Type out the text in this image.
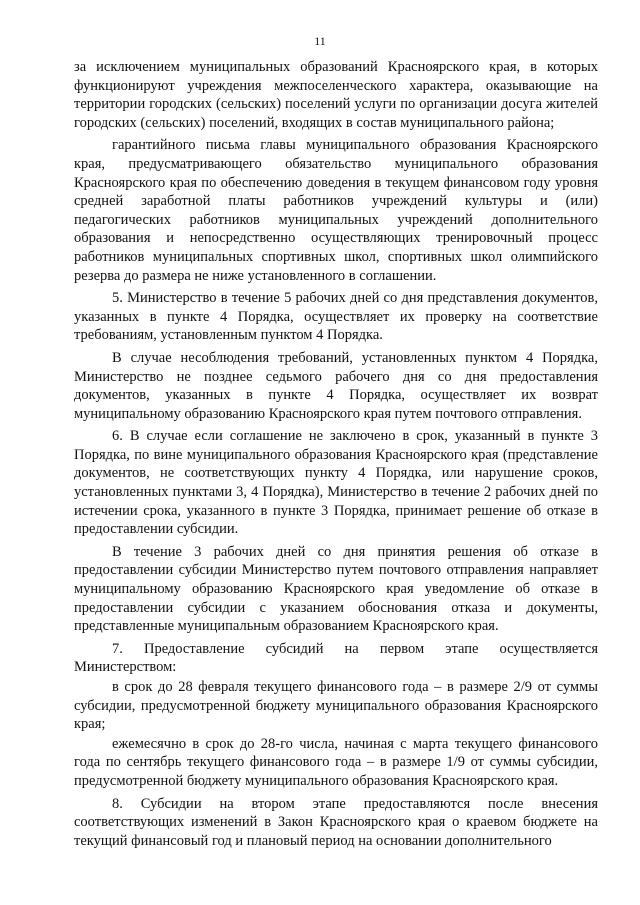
11

за исключением муниципальных образований Красноярского края, в которых функционируют учреждения межпоселенческого характера, оказывающие на территории городских (сельских) поселений услуги по организации досуга жителей городских (сельских) поселений, входящих в состав муниципального района;

гарантийного письма главы муниципального образования Красноярского края, предусматривающего обязательство муниципального образования Красноярского края по обеспечению доведения в текущем финансовом году уровня средней заработной платы работников учреждений культуры и (или) педагогических работников муниципальных учреждений дополнительного образования и непосредственно осуществляющих тренировочный процесс работников муниципальных спортивных школ, спортивных школ олимпийского резерва до размера не ниже установленного в соглашении.

5. Министерство в течение 5 рабочих дней со дня представления документов, указанных в пункте 4 Порядка, осуществляет их проверку на соответствие требованиям, установленным пунктом 4 Порядка.

В случае несоблюдения требований, установленных пунктом 4 Порядка, Министерство не позднее седьмого рабочего дня со дня предоставления документов, указанных в пункте 4 Порядка, осуществляет их возврат муниципальному образованию Красноярского края путем почтового отправления.

6. В случае если соглашение не заключено в срок, указанный в пункте 3 Порядка, по вине муниципального образования Красноярского края (представление документов, не соответствующих пункту 4 Порядка, или нарушение сроков, установленных пунктами 3, 4 Порядка), Министерство в течение 2 рабочих дней по истечении срока, указанного в пункте 3 Порядка, принимает решение об отказе в предоставлении субсидии.

В течение 3 рабочих дней со дня принятия решения об отказе в предоставлении субсидии Министерство путем почтового отправления направляет муниципальному образованию Красноярского края уведомление об отказе в предоставлении субсидии с указанием обоснования отказа и документы, представленные муниципальным образованием Красноярского края.

7. Предоставление субсидий на первом этапе осуществляется Министерством:

в срок до 28 февраля текущего финансового года – в размере 2/9 от суммы субсидии, предусмотренной бюджету муниципального образования Красноярского края;

ежемесячно в срок до 28-го числа, начиная с марта текущего финансового года по сентябрь текущего финансового года – в размере 1/9 от суммы субсидии, предусмотренной бюджету муниципального образования Красноярского края.

8. Субсидии на втором этапе предоставляются после внесения соответствующих изменений в Закон Красноярского края о краевом бюджете на текущий финансовый год и плановый период на основании дополнительного
